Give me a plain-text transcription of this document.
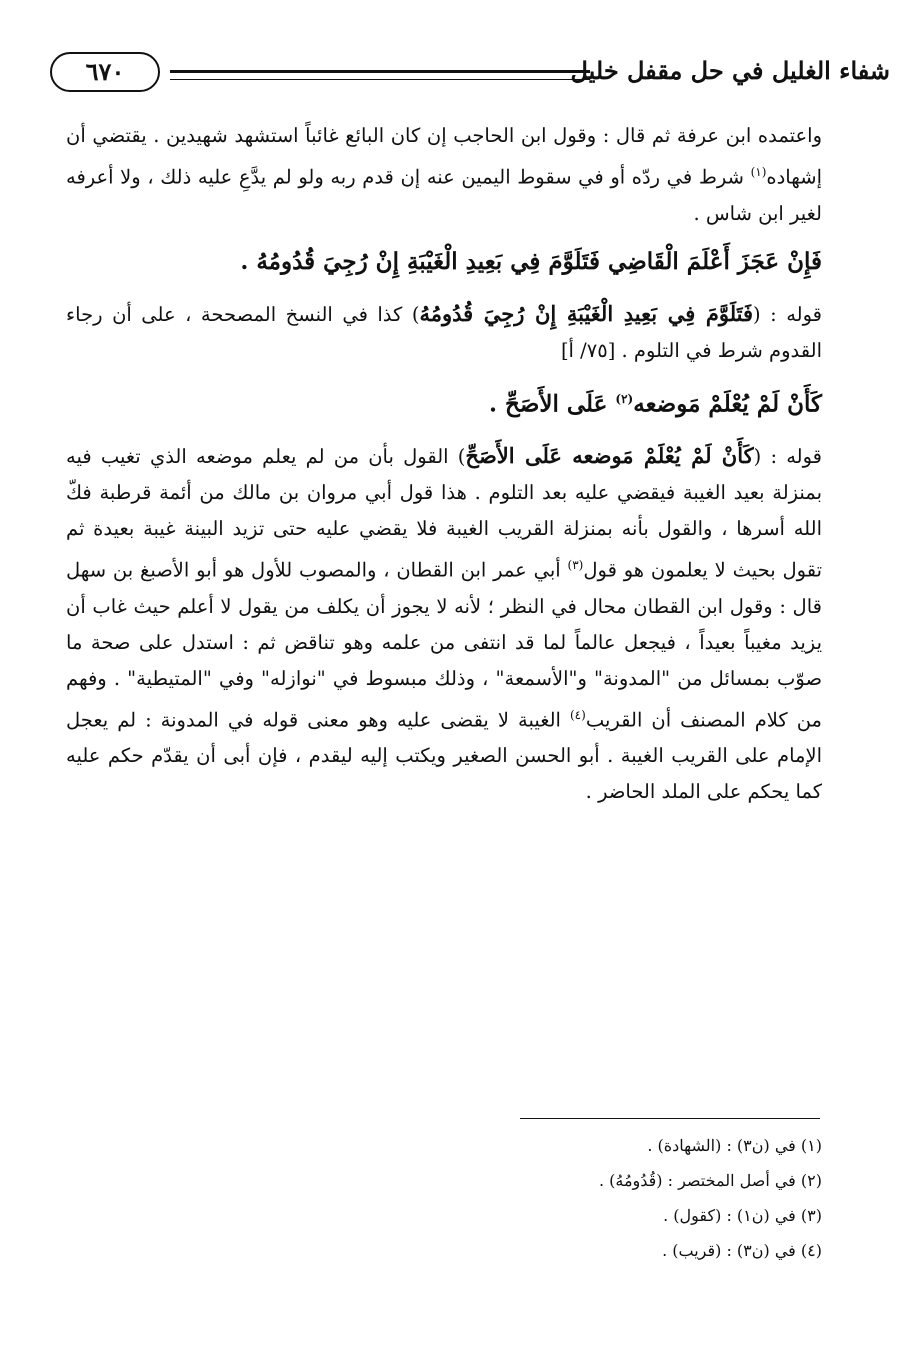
شفاء الغليل في حل مقفل خليل
٦٧٠

واعتمده ابن عرفة ثم قال : وقول ابن الحاجب إن كان البائع غائباً استشهد شهيدين . يقتضي أن إشهاده$^{(١)}$ شرط في ردّه أو في سقوط اليمين عنه إن قدم ربه ولو لم يدَّعِ عليه ذلك ، ولا أعرفه لغير ابن شاس .

فَإِنْ عَجَزَ أَعْلَمَ الْقَاضِي فَتَلَوَّمَ فِي بَعِيدِ الْغَيْبَةِ إِنْ رُجِيَ قُدُومُهُ .

قوله : (فَتَلَوَّمَ فِي بَعِيدِ الْغَيْبَةِ إِنْ رُجِيَ قُدُومُهُ) كذا في النسخ المصححة ، على أن رجاء القدوم شرط في التلوم . [٧٥/ أ]

كَأَنْ لَمْ يُعْلَمْ مَوضعه$^{(٢)}$ عَلَى الأَصَحِّ .

قوله : (كَأَنْ لَمْ يُعْلَمْ مَوضعه عَلَى الأَصَحِّ) القول بأن من لم يعلم موضعه الذي تغيب فيه بمنزلة بعيد الغيبة فيقضي عليه بعد التلوم . هذا قول أبي مروان بن مالك من أئمة قرطبة فكّ الله أسرها ، والقول بأنه بمنزلة القريب الغيبة فلا يقضي عليه حتى تزيد البينة غيبة بعيدة ثم تقول بحيث لا يعلمون هو قول$^{(٣)}$ أبي عمر ابن القطان ، والمصوب للأول هو أبو الأصبغ بن سهل قال : وقول ابن القطان محال في النظر ؛ لأنه لا يجوز أن يكلف من يقول لا أعلم حيث غاب أن يزيد مغيباً بعيداً ، فيجعل عالماً لما قد انتفى من علمه وهو تناقض ثم : استدل على صحة ما صوّب بمسائل من "المدونة" و"الأسمعة" ، وذلك مبسوط في "نوازله" وفي "المتيطية" . وفهم من كلام المصنف أن القريب$^{(٤)}$ الغيبة لا يقضى عليه وهو معنى قوله في المدونة : لم يعجل الإمام على القريب الغيبة . أبو الحسن الصغير ويكتب إليه ليقدم ، فإن أبى أن يقدّم حكم عليه كما يحكم على الملد الحاضر .

(١) في (ن٣) : (الشهادة) .
(٢) في أصل المختصر : (قُدُومُهُ) .
(٣) في (ن١) : (كقول) .
(٤) في (ن٣) : (قريب) .
